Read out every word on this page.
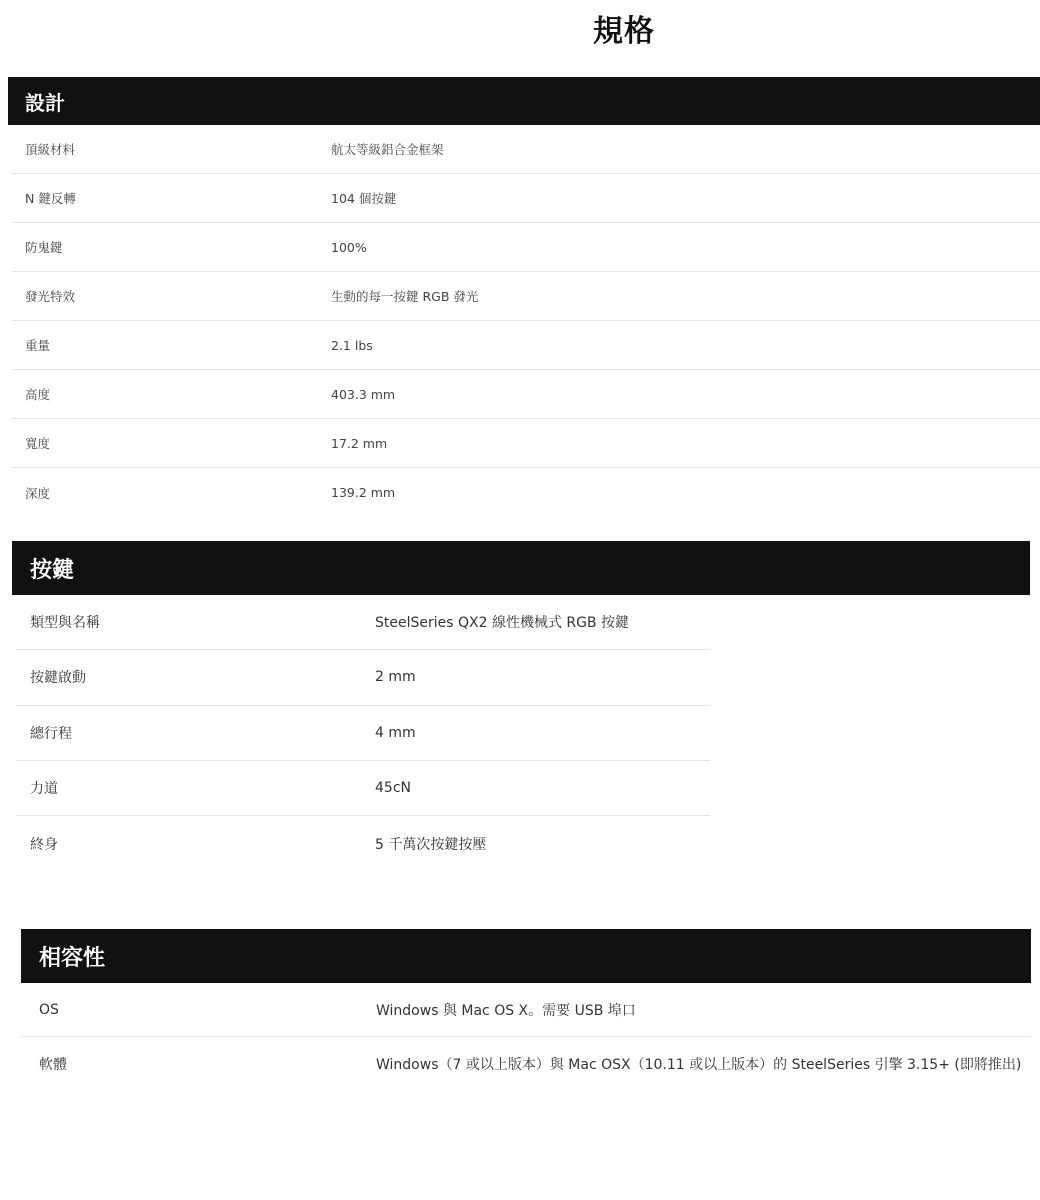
規格
設計
頂級材料	航太等級鋁合金框架
N 鍵反轉	104 個按鍵
防鬼鍵	100%
發光特效	生動的每一按鍵 RGB 發光
重量	2.1 lbs
高度	403.3 mm
寬度	17.2 mm
深度	139.2 mm
按鍵
類型與名稱	SteelSeries QX2 線性機械式 RGB 按鍵
按鍵啟動	2 mm
總行程	4 mm
力道	45cN
終身	5 千萬次按鍵按壓
相容性
OS	Windows 與 Mac OS X。需要 USB 埠口
軟體	Windows（7 或以上版本）與 Mac OSX（10.11 或以上版本）的 SteelSeries 引擎 3.15+ (即將推出)
